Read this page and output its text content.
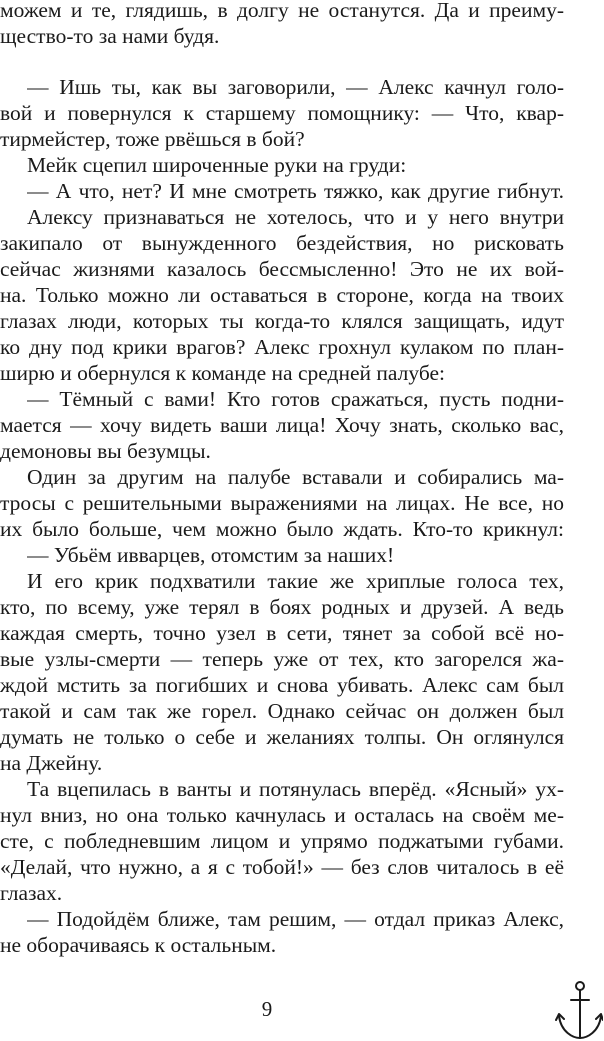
можем и те, глядишь, в долгу не останутся. Да и преиму-
щество-то за нами будя.
— Ишь ты, как вы заговорили, — Алекс качнул голо-
вой и повернулся к старшему помощнику: — Что, квар-
тирмейстер, тоже рвёшься в бой?
Мейк сцепил широченные руки на груди:
— А что, нет? И мне смотреть тяжко, как другие гибнут.
Алексу признаваться не хотелось, что и у него внутри
закипало от вынужденного бездействия, но рисковать
сейчас жизнями казалось бессмысленно! Это не их вой-
на. Только можно ли оставаться в стороне, когда на твоих
глазах люди, которых ты когда-то клялся защищать, идут
ко дну под крики врагов? Алекс грохнул кулаком по план-
ширю и обернулся к команде на средней палубе:
— Тёмный с вами! Кто готов сражаться, пусть подни-
мается — хочу видеть ваши лица! Хочу знать, сколько вас,
демоновы вы безумцы.
Один за другим на палубе вставали и собирались ма-
тросы с решительными выражениями на лицах. Не все, но
их было больше, чем можно было ждать. Кто-то крикнул:
— Убьём ивварцев, отомстим за наших!
И его крик подхватили такие же хриплые голоса тех,
кто, по всему, уже терял в боях родных и друзей. А ведь
каждая смерть, точно узел в сети, тянет за собой всё но-
вые узлы-смерти — теперь уже от тех, кто загорелся жа-
ждой мстить за погибших и снова убивать. Алекс сам был
такой и сам так же горел. Однако сейчас он должен был
думать не только о себе и желаниях толпы. Он оглянулся
на Джейну.
Та вцепилась в ванты и потянулась вперёд. «Ясный» ух-
нул вниз, но она только качнулась и осталась на своём ме-
сте, с побледневшим лицом и упрямо поджатыми губами.
«Делай, что нужно, а я с тобой!» — без слов читалось в её
глазах.
— Подойдём ближе, там решим, — отдал приказ Алекс,
не оборачиваясь к остальным.
9
